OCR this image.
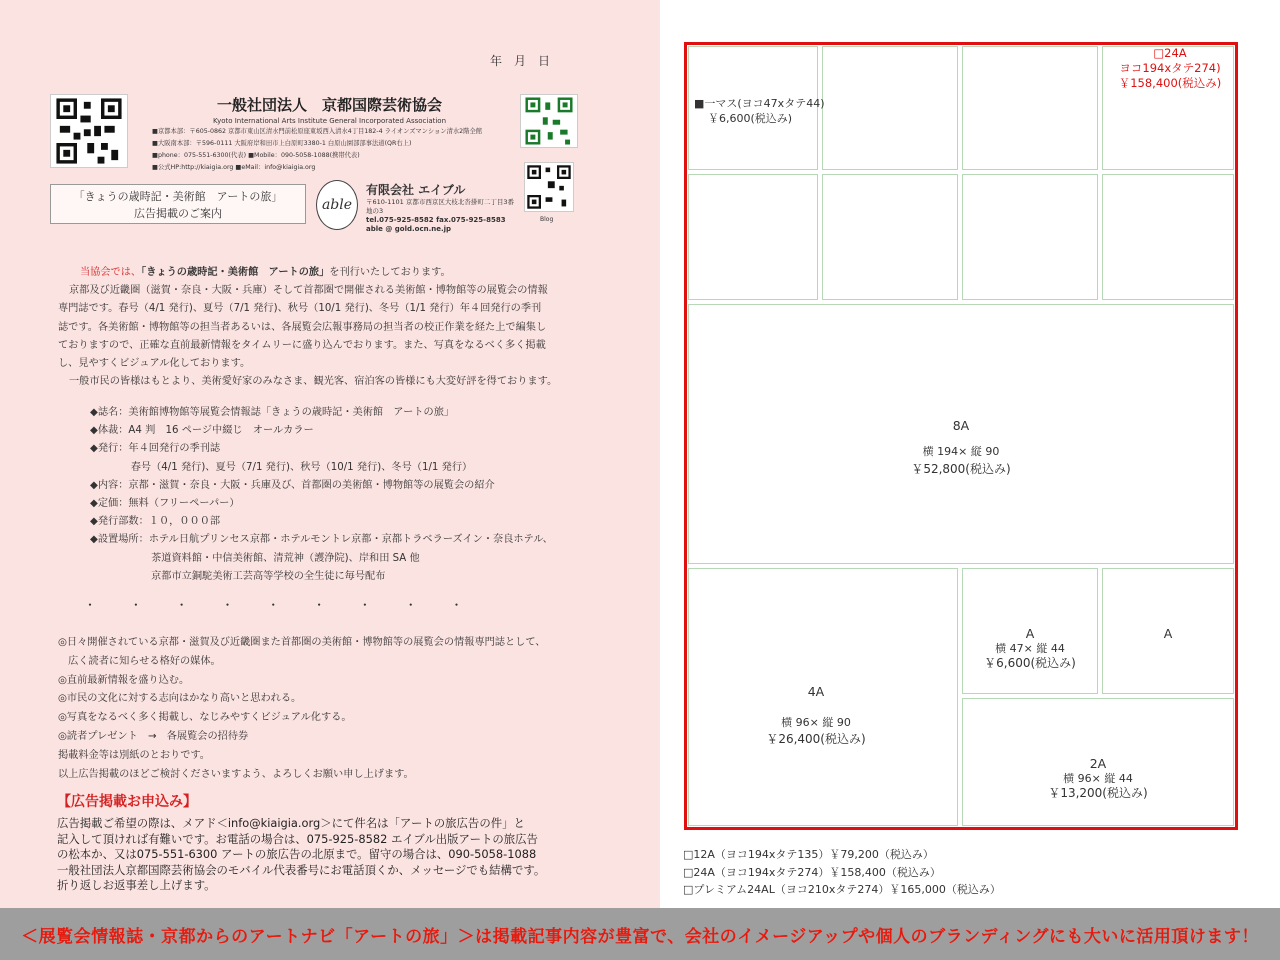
年　月　日
Blog
一般社団法人　京都国際芸術協会
Kyoto International Arts Institute General Incorporated Association
■京都本部：〒605-0862 京都市東山区清水門前松原座東坂西入清水4丁目182-4 ライオンズマンション清水2階全館
■大阪南本部：〒596-0111 大阪府岸和田市上白原町3380-1 白原山園部部事法道(QR右上)
■phone：075-551-6300(代表) ■Mobile：090-5058-1088(携帯代表)
■公式HP:http://kiaigia.org ■eMail：info@kiaigia.org
「きょうの歳時記・美術館　アートの旅」
広告掲載のご案内
able
有限会社 エイブル
〒610-1101 京都市西京区大枝北沓掛町二丁目3番地の3
tel.075-925-8582 fax.075-925-8583
able @ gold.ocn.ne.jp

当協会では、「きょうの歳時記・美術館　アートの旅」を刊行いたしております。

京都及び近畿圏（滋賀・奈良・大阪・兵庫）そして首都圏で開催される美術館・博物館等の展覧会の情報

専門誌です。春号（4/1 発行)、夏号（7/1 発行)、秋号（10/1 発行)、冬号（1/1 発行）年４回発行の季刊

誌です。各美術館・博物館等の担当者あるいは、各展覧会広報事務局の担当者の校正作業を経た上で編集し

ておりますので、正確な直前最新情報をタイムリーに盛り込んでおります。また、写真をなるべく多く掲載

し、見やすくビジュアル化しております。

一般市民の皆様はもとより、美術愛好家のみなさま、観光客、宿泊客の皆様にも大変好評を得ております。

◆誌名：美術館博物館等展覧会情報誌「きょうの歳時記・美術館　アートの旅」
◆体裁：A4 判　16 ページ中綴じ　オールカラー
◆発行：年４回発行の季刊誌
　　　　春号（4/1 発行)、夏号（7/1 発行)、秋号（10/1 発行)、冬号（1/1 発行）
◆内容：京都・滋賀・奈良・大阪・兵庫及び、首都圏の美術館・博物館等の展覧会の紹介
◆定価：無料（フリーペーパー）
◆発行部数：１０，０００部
◆設置場所：ホテル日航プリンセス京都・ホテルモントレ京都・京都トラベラーズイン・奈良ホテル、
　　　　　　茶道資料館・中信美術館、清荒神（護浄院)、岸和田 SA 他
　　　　　　京都市立銅駝美術工芸高等学校の全生徒に毎号配布
・ ・ ・ ・ ・ ・ ・ ・ ・
◎日々開催されている京都・滋賀及び近畿圏また首都圏の美術館・博物館等の展覧会の情報専門誌として、
　広く読者に知らせる格好の媒体。
◎直前最新情報を盛り込む。
◎市民の文化に対する志向はかなり高いと思われる。
◎写真をなるべく多く掲載し、なじみやすくビジュアル化する。
◎読者プレゼント　→　各展覧会の招待券
掲載料金等は別紙のとおりです。
以上広告掲載のほどご検討くださいますよう、よろしくお願い申し上げます。
【広告掲載お申込み】
広告掲載ご希望の際は、メアド＜info@kiaigia.org＞にて件名は「アートの旅広告の件」と
記入して頂ければ有難いです。お電話の場合は、075-925-8582 エイブル出版アートの旅広告
の松本か、又は075-551-6300 アートの旅広告の北原まで。留守の場合は、090-5058-1088
一般社団法人京都国際芸術協会のモバイル代表番号にお電話頂くか、メッセージでも結構です。
折り返しお返事差し上げます。
■一マス(ヨコ47xタテ44)
￥6,600(税込み)
□24A
ヨコ194xタテ274)
￥158,400(税込み)
8A
横 194× 縦 90
￥52,800(税込み)
4A
横 96× 縦 90
￥26,400(税込み)
A
横 47× 縦 44
￥6,600(税込み)
A
2A
横 96× 縦 44
￥13,200(税込み)
□12A（ヨコ194xタテ135）￥79,200（税込み）
□24A（ヨコ194xタテ274）￥158,400（税込み）
□プレミアム24AL（ヨコ210xタテ274）￥165,000（税込み）
＜展覧会情報誌・京都からのアートナビ「アートの旅」＞は掲載記事内容が豊富で、会社のイメージアップや個人のブランディングにも大いに活用頂けます！
